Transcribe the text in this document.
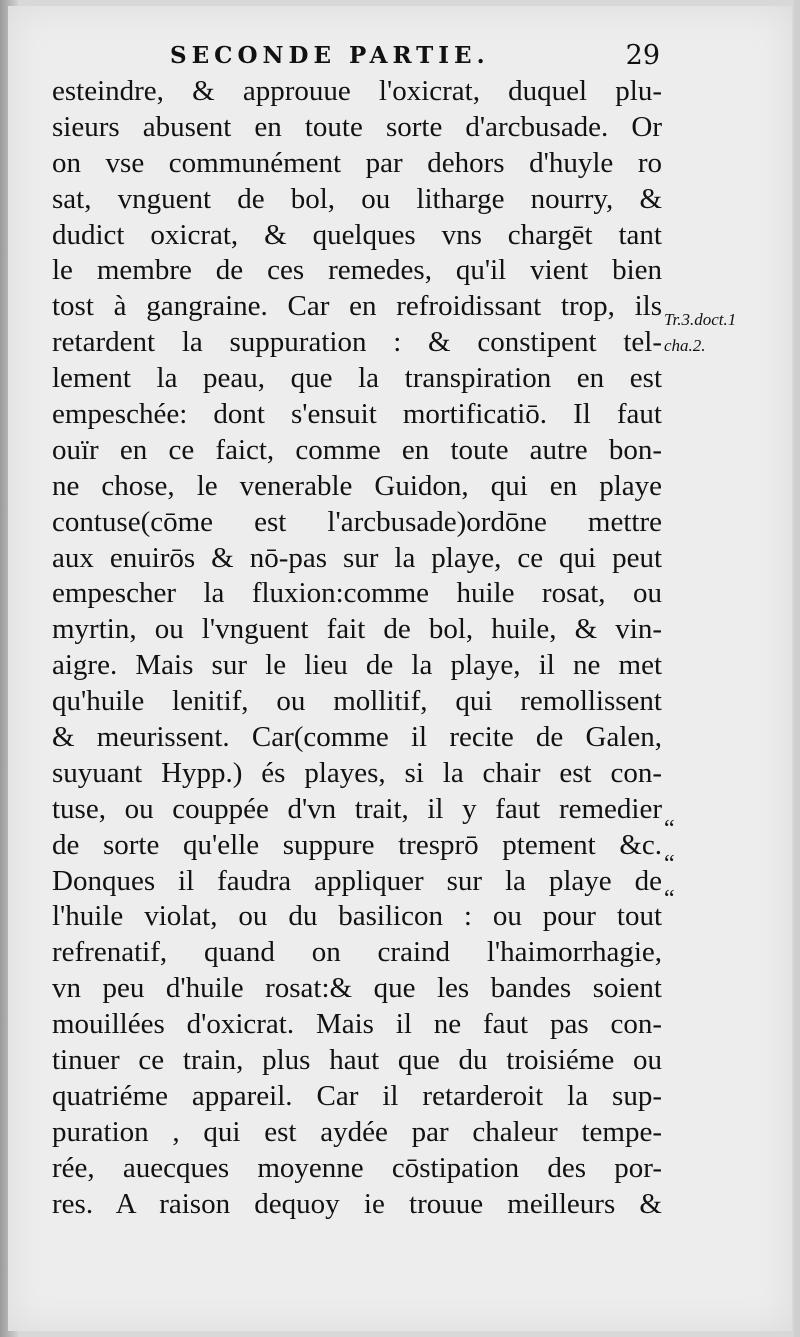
SECONDE PARTIE.	29
esteindre, & approuue l'oxicrat, duquel plu-
sieurs abusent en toute sorte d'arcbusade. Or
on vse communément par dehors d'huyle ro
sat, vnguent de bol, ou litharge nourry, &
dudict oxicrat, & quelques vns chargēt tant
le membre de ces remedes, qu'il vient bien
tost à gangraine. Car en refroidissant trop, ils
retardent la suppuration : & constipent tel-
lement la peau, que la transpiration en est
empeschée: dont s'ensuit mortificatiō. Il faut
ouïr en ce faict, comme en toute autre bon-
ne chose, le venerable Guidon, qui en playe
contuse(cōme est l'arcbusade)ordōne mettre
aux enuirōs & nō-pas sur la playe, ce qui peut
empescher la fluxion:comme huile rosat, ou
myrtin, ou l'vnguent fait de bol, huile, & vin-
aigre. Mais sur le lieu de la playe, il ne met
qu'huile lenitif, ou mollitif, qui remollissent
& meurissent. Car(comme il recite de Galen,
suyuant Hypp.) és playes, si la chair est con-
tuse, ou couppée d'vn trait, il y faut remedier
de sorte qu'elle suppure tresprō ptement &c.
Donques il faudra appliquer sur la playe de
l'huile violat, ou du basilicon : ou pour tout
refrenatif, quand on craind l'haimorrhagie,
vn peu d'huile rosat:& que les bandes soient
mouillées d'oxicrat. Mais il ne faut pas con-
tinuer ce train, plus haut que du troisiéme ou
quatriéme appareil. Car il retarderoit la sup-
puration , qui est aydée par chaleur tempe-
rée, auecques moyenne cōstipation des por-
res. A raison dequoy ie trouue meilleurs &
Tr.3.doct.1
cha.2.
“
“
“
